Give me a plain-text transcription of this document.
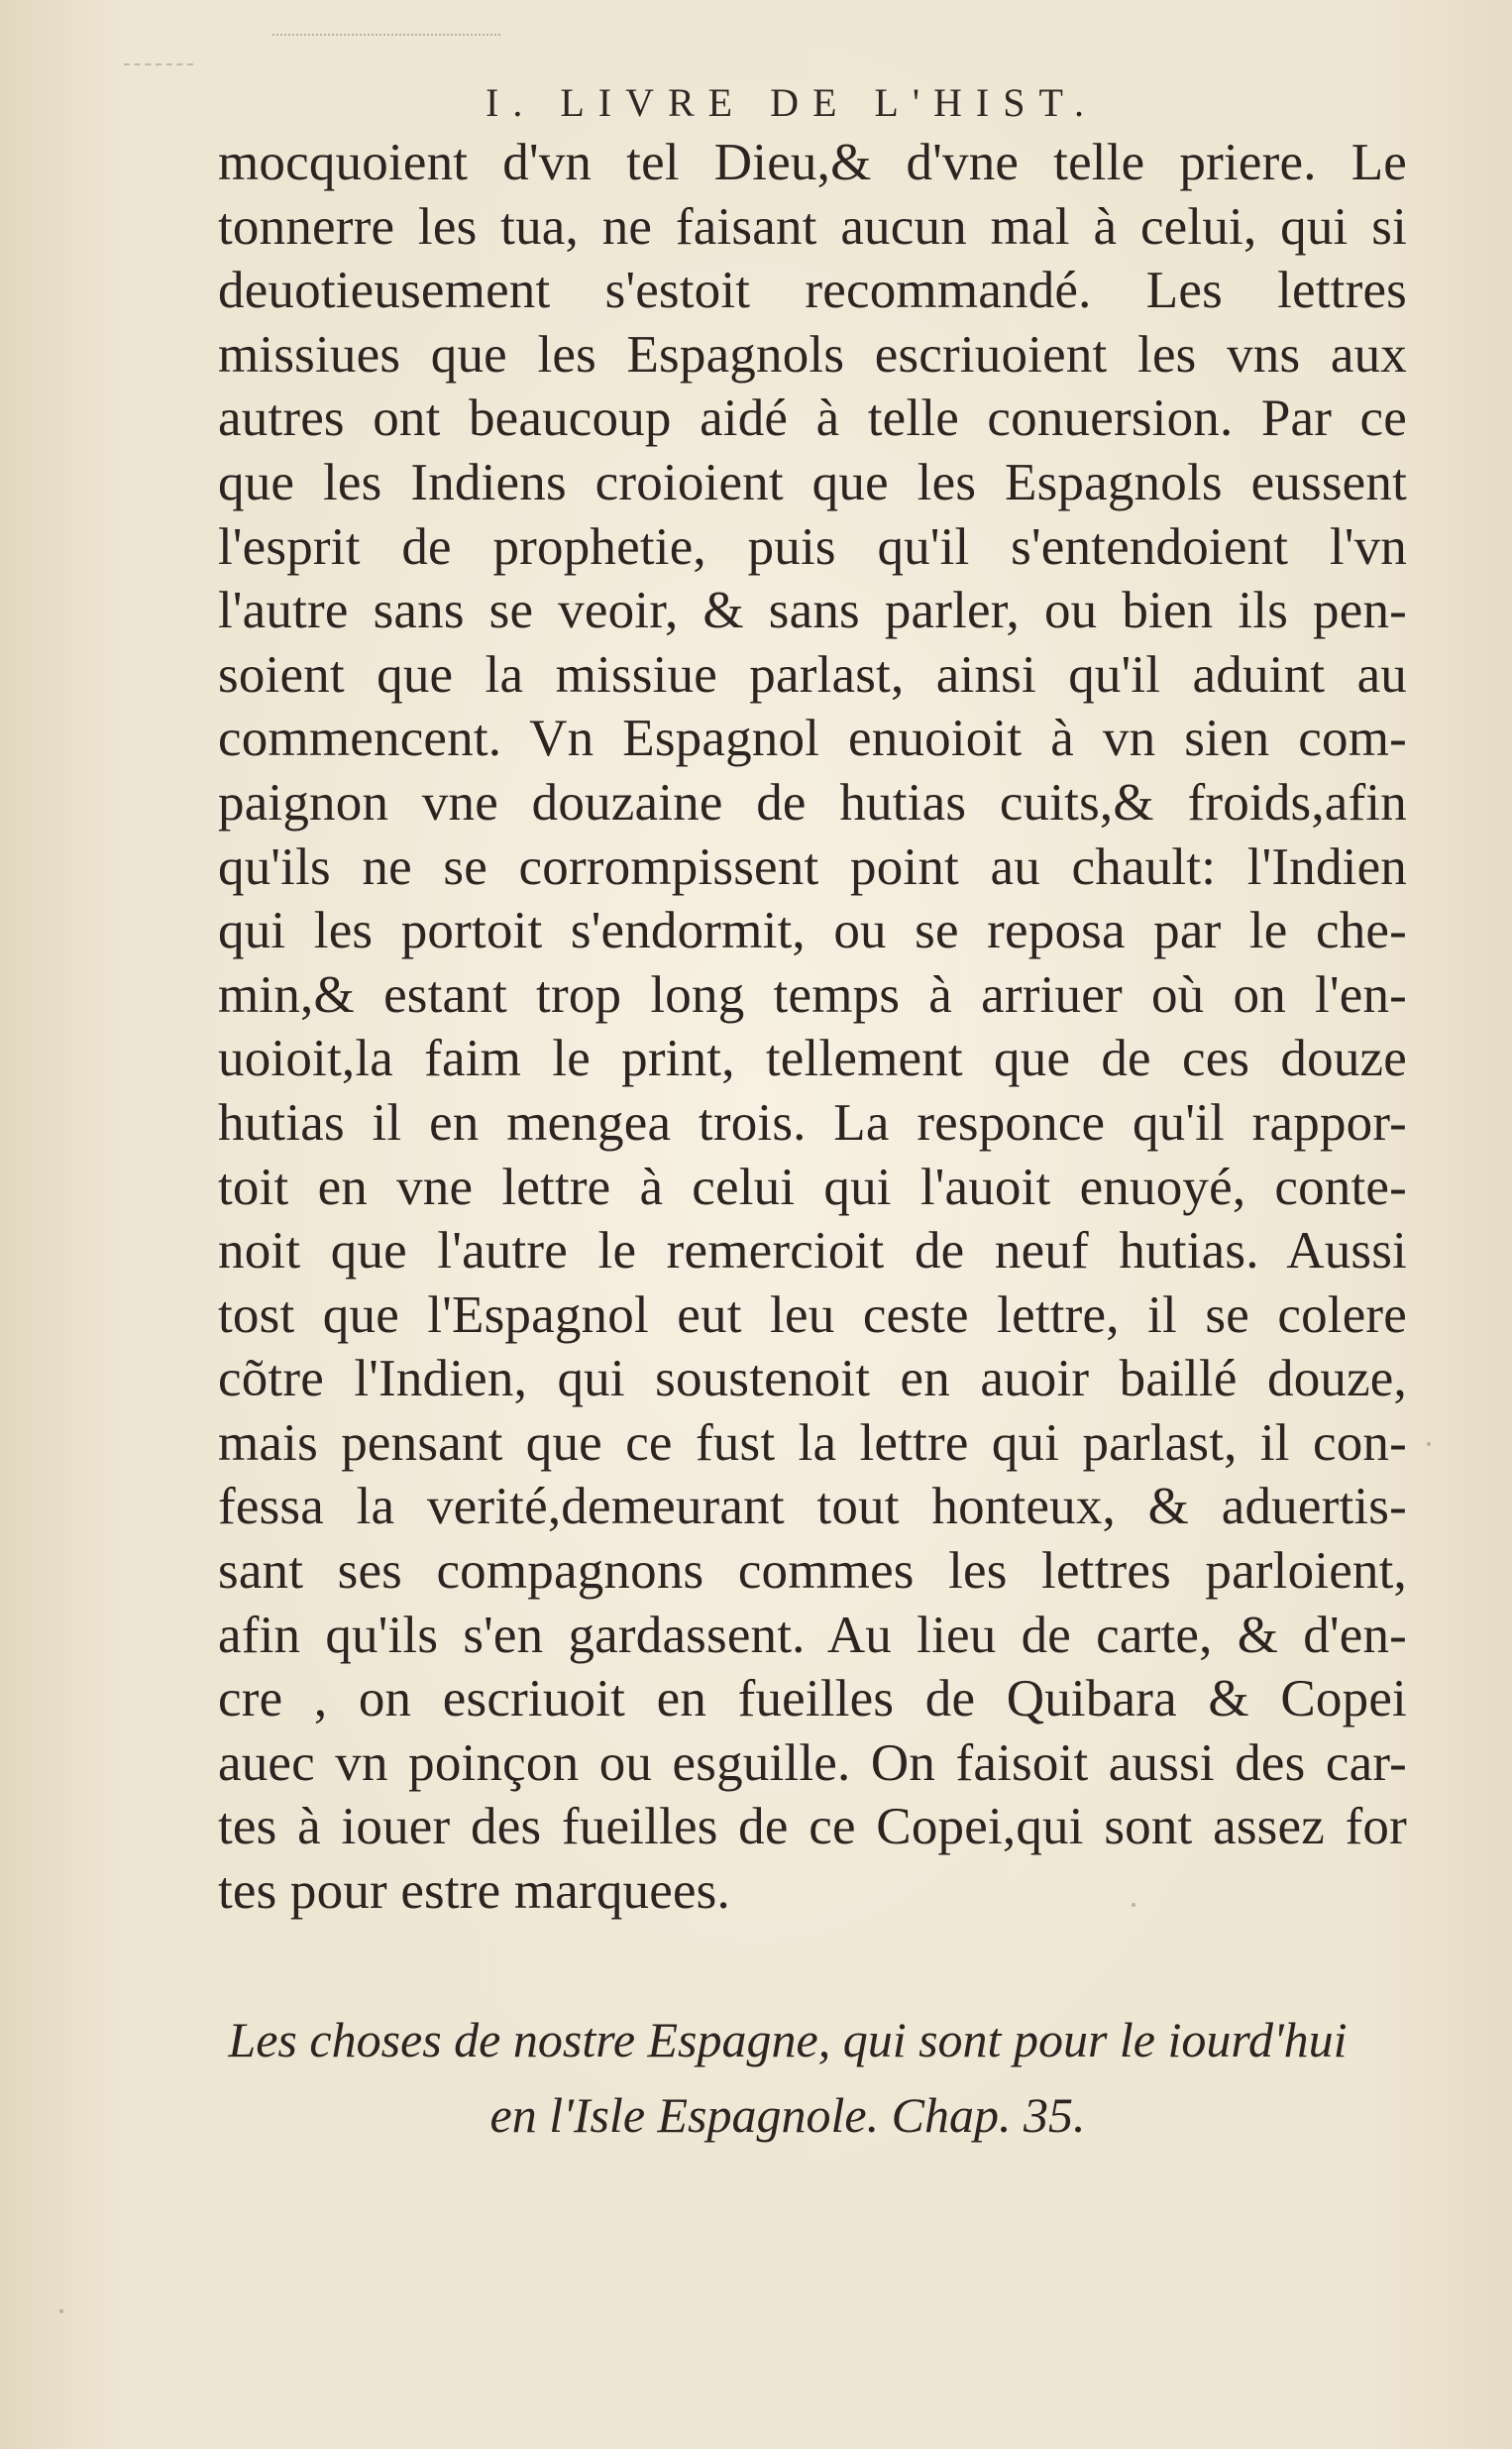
I. LIVRE DE L'HIST.
mocquoient d'vn tel Dieu,& d'vne telle priere. Le
tonnerre les tua, ne faisant aucun mal à celui, qui si
deuotieusement s'estoit recommandé. Les lettres
missiues que les Espagnols escriuoient les vns aux
autres ont beaucoup aidé à telle conuersion. Par ce
que les Indiens croioient que les Espagnols eussent
l'esprit de prophetie, puis qu'il s'entendoient l'vn
l'autre sans se veoir, & sans parler, ou bien ils pen-
soient que la missiue parlast, ainsi qu'il aduint au
commencent. Vn Espagnol enuoioit à vn sien com-
paignon vne douzaine de hutias cuits,& froids,afin
qu'ils ne se corrompissent point au chault: l'Indien
qui les portoit s'endormit, ou se reposa par le che-
min,& estant trop long temps à arriuer où on l'en-
uoioit,la faim le print, tellement que de ces douze
hutias il en mengea trois. La responce qu'il rappor-
toit en vne lettre à celui qui l'auoit enuoyé, conte-
noit que l'autre le remercioit de neuf hutias. Aussi
tost que l'Espagnol eut leu ceste lettre, il se colere
cõtre l'Indien, qui soustenoit en auoir baillé douze,
mais pensant que ce fust la lettre qui parlast, il con-
fessa la verité,demeurant tout honteux, & aduertis-
sant ses compagnons commes les lettres parloient,
afin qu'ils s'en gardassent. Au lieu de carte, & d'en-
cre , on escriuoit en fueilles de Quibara & Copei
auec vn poinçon ou esguille. On faisoit aussi des car-
tes à iouer des fueilles de ce Copei,qui sont assez for
tes pour estre marquees.
Les choses de nostre Espagne, qui sont pour le iourd'hui
en l'Isle Espagnole. Chap. 35.
